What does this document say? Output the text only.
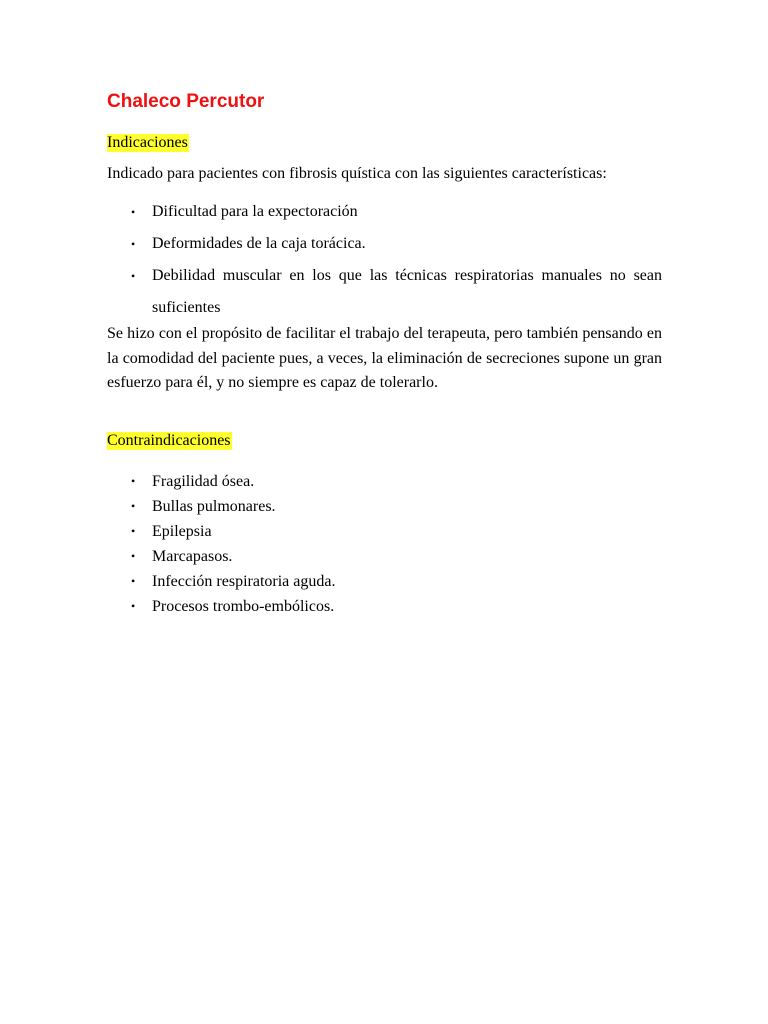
Chaleco Percutor

Indicaciones

Indicado para pacientes con fibrosis quística con las siguientes características:

• Dificultad para la expectoración
• Deformidades de la caja torácica.
• Debilidad muscular en los que las técnicas respiratorias manuales no sean suficientes

Se hizo con el propósito de facilitar el trabajo del terapeuta, pero también pensando en la comodidad del paciente pues, a veces, la eliminación de secreciones supone un gran esfuerzo para él, y no siempre es capaz de tolerarlo.

Contraindicaciones

• Fragilidad ósea.
• Bullas pulmonares.
• Epilepsia
• Marcapasos.
• Infección respiratoria aguda.
• Procesos trombo-embólicos.
